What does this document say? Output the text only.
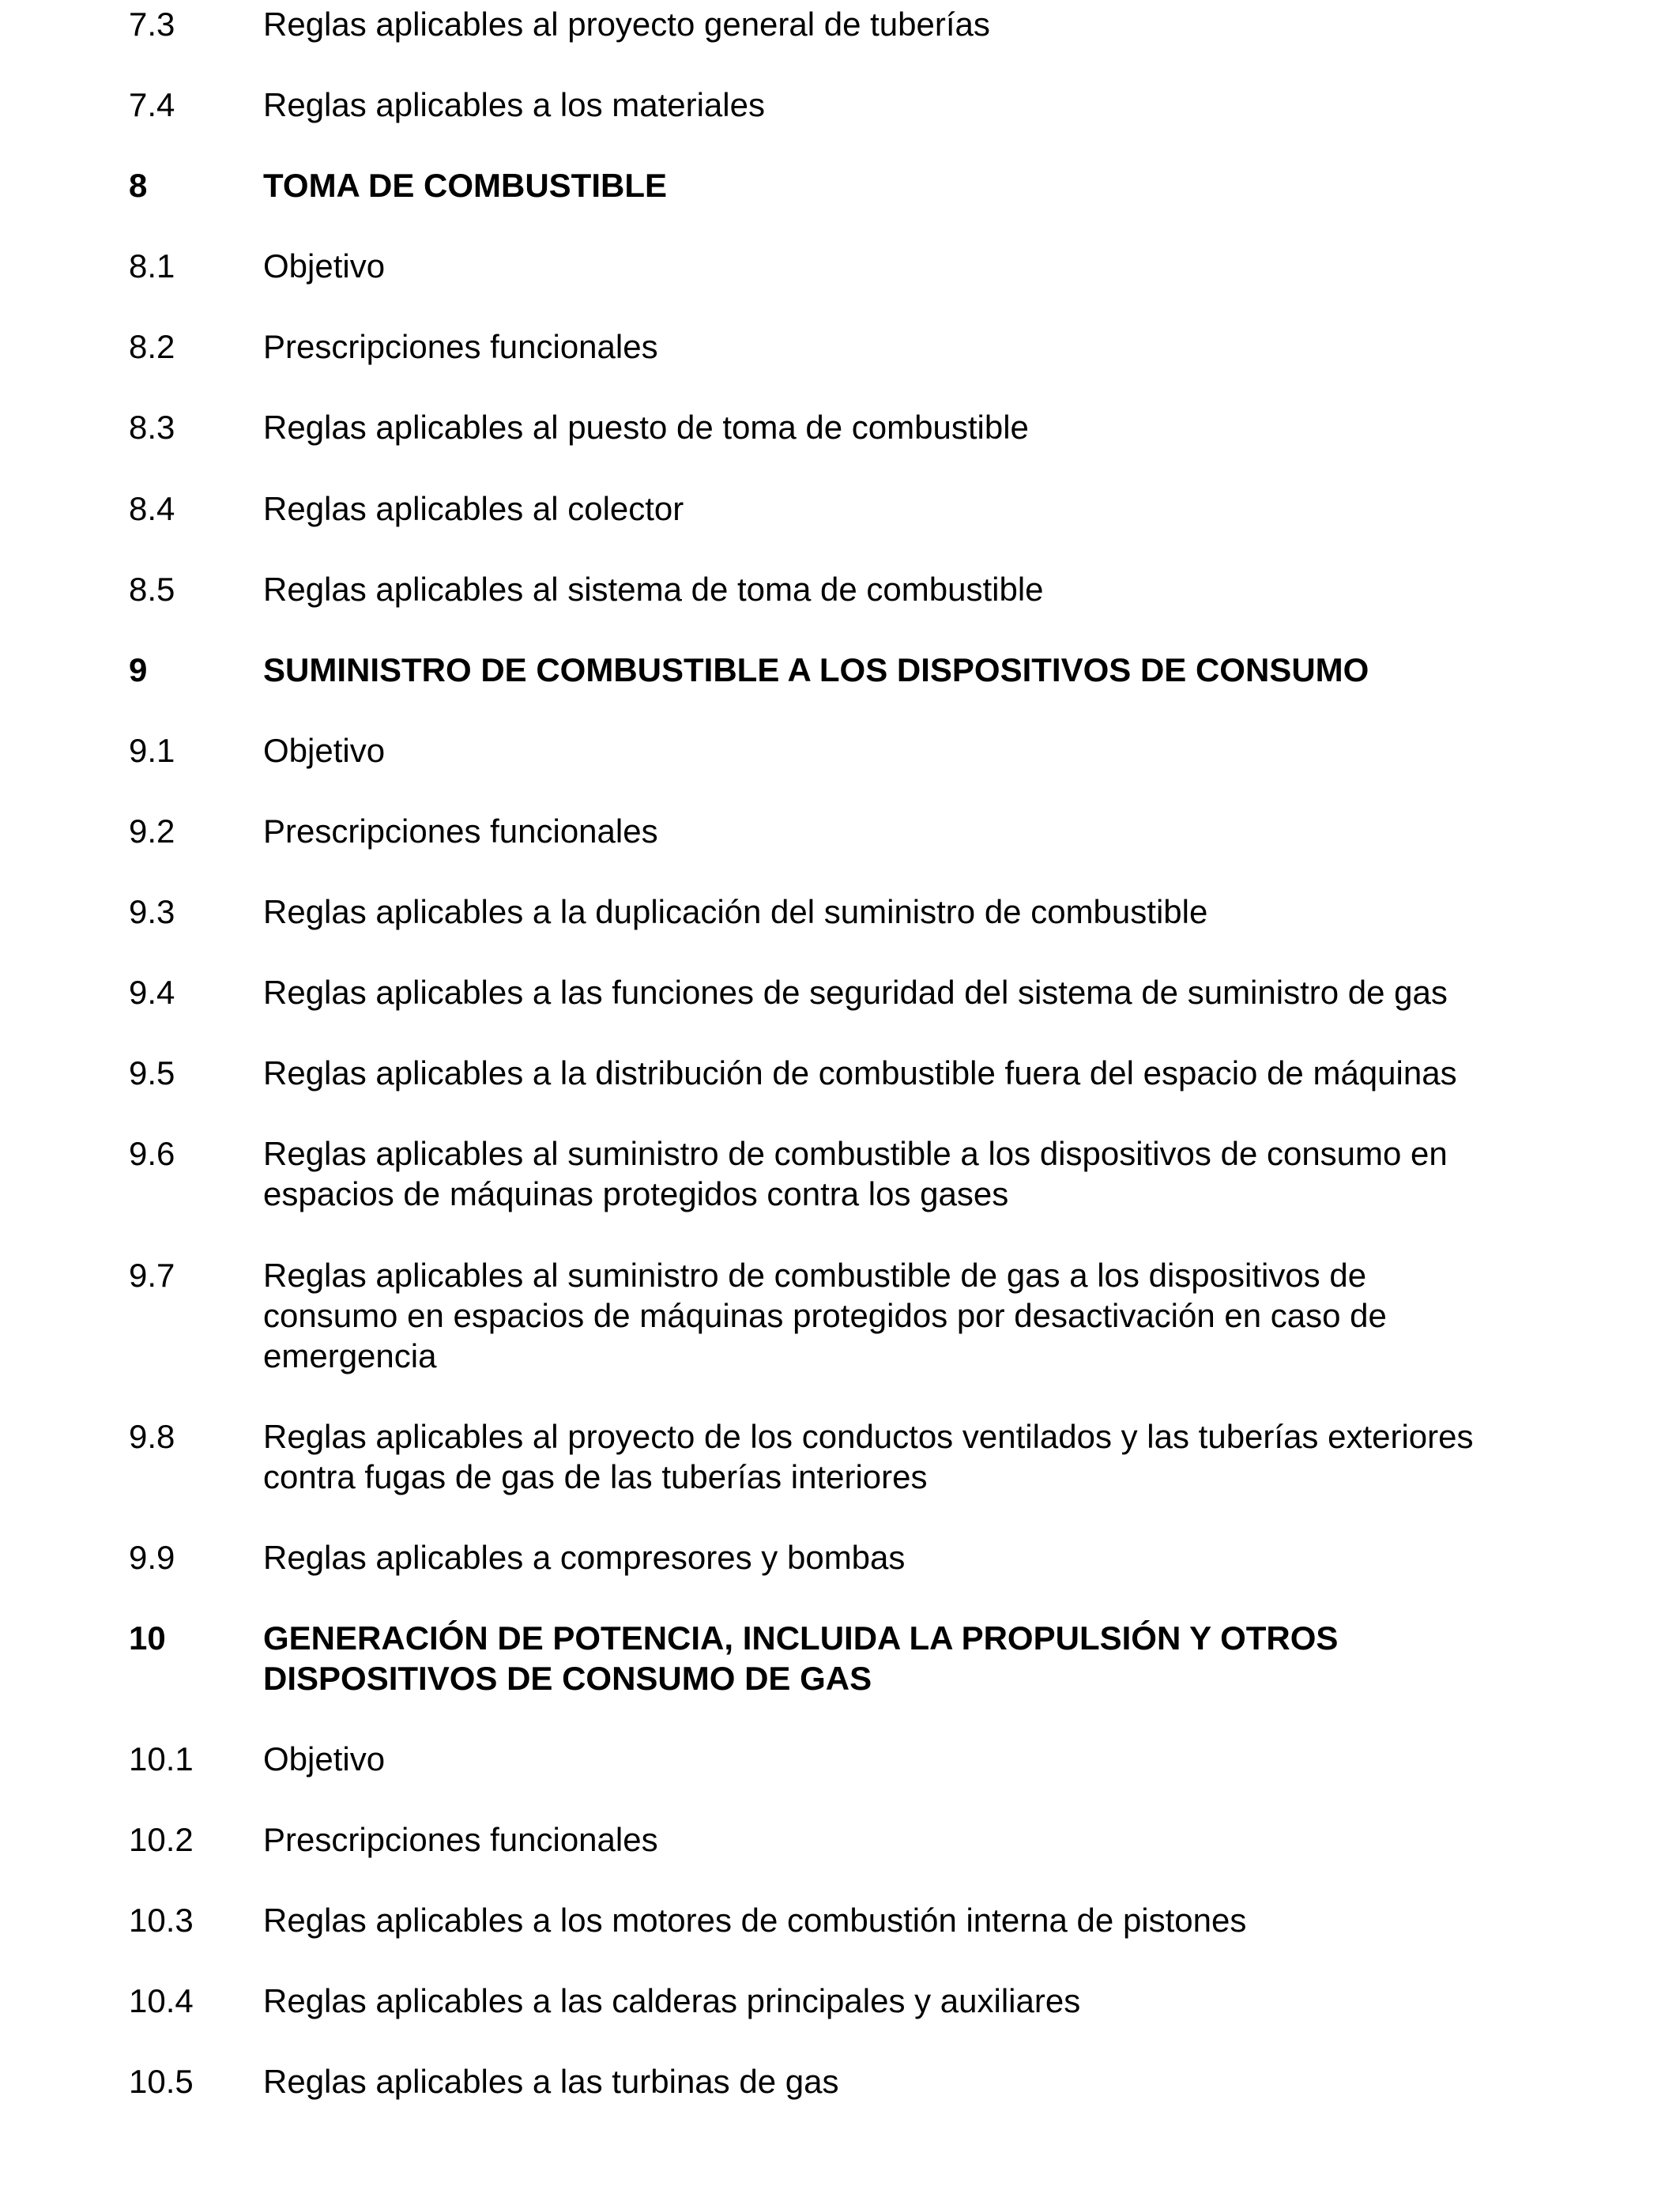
7.3	Reglas aplicables al proyecto general de tuberías
7.4	Reglas aplicables a los materiales
8	TOMA DE COMBUSTIBLE
8.1	Objetivo
8.2	Prescripciones funcionales
8.3	Reglas aplicables al puesto de toma de combustible
8.4	Reglas aplicables al colector
8.5	Reglas aplicables al sistema de toma de combustible
9	SUMINISTRO DE COMBUSTIBLE A LOS DISPOSITIVOS DE CONSUMO
9.1	Objetivo
9.2	Prescripciones funcionales
9.3	Reglas aplicables a la duplicación del suministro de combustible
9.4	Reglas aplicables a las funciones de seguridad del sistema de suministro de gas
9.5	Reglas aplicables a la distribución de combustible fuera del espacio de máquinas
9.6	Reglas aplicables al suministro de combustible a los dispositivos de consumo en
espacios de máquinas protegidos contra los gases
9.7	Reglas aplicables al suministro de combustible de gas a los dispositivos de
consumo en espacios de máquinas protegidos por desactivación en caso de
emergencia
9.8	Reglas aplicables al proyecto de los conductos ventilados y las tuberías exteriores
contra fugas de gas de las tuberías interiores
9.9	Reglas aplicables a compresores y bombas
10	GENERACIÓN DE POTENCIA, INCLUIDA LA PROPULSIÓN Y OTROS
DISPOSITIVOS DE CONSUMO DE GAS
10.1	Objetivo
10.2	Prescripciones funcionales
10.3	Reglas aplicables a los motores de combustión interna de pistones
10.4	Reglas aplicables a las calderas principales y auxiliares
10.5	Reglas aplicables a las turbinas de gas
